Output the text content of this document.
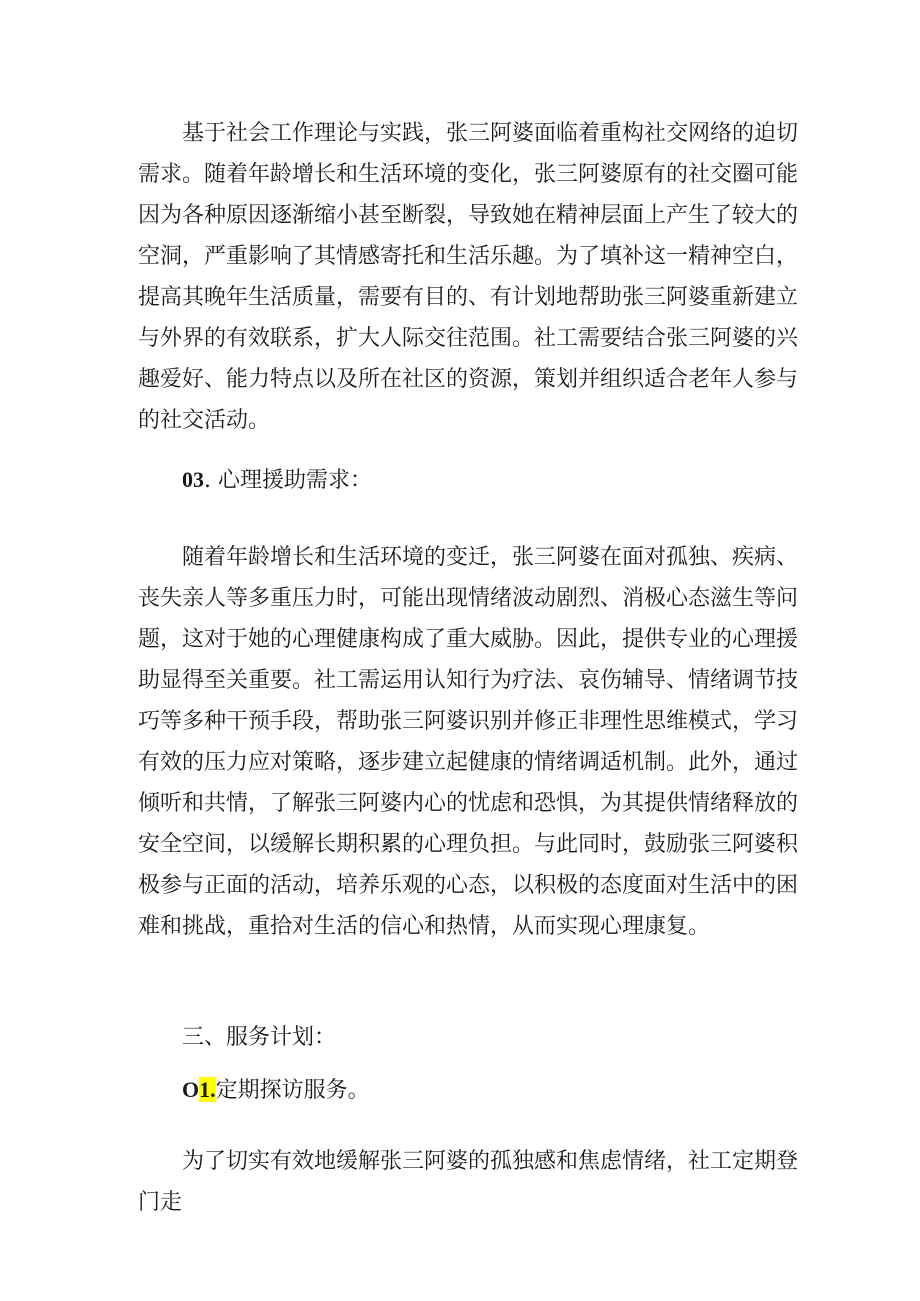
基于社会工作理论与实践，张三阿婆面临着重构社交网络的迫切需求。随着年龄增长和生活环境的变化，张三阿婆原有的社交圈可能因为各种原因逐渐缩小甚至断裂，导致她在精神层面上产生了较大的空洞，严重影响了其情感寄托和生活乐趣。为了填补这一精神空白，提高其晚年生活质量，需要有目的、有计划地帮助张三阿婆重新建立与外界的有效联系，扩大人际交往范围。社工需要结合张三阿婆的兴趣爱好、能力特点以及所在社区的资源，策划并组织适合老年人参与的社交活动。

03. 心理援助需求：

随着年龄增长和生活环境的变迁，张三阿婆在面对孤独、疾病、丧失亲人等多重压力时，可能出现情绪波动剧烈、消极心态滋生等问题，这对于她的心理健康构成了重大威胁。因此，提供专业的心理援助显得至关重要。社工需运用认知行为疗法、哀伤辅导、情绪调节技巧等多种干预手段，帮助张三阿婆识别并修正非理性思维模式，学习有效的压力应对策略，逐步建立起健康的情绪调适机制。此外，通过倾听和共情，了解张三阿婆内心的忧虑和恐惧，为其提供情绪释放的安全空间，以缓解长期积累的心理负担。与此同时，鼓励张三阿婆积极参与正面的活动，培养乐观的心态，以积极的态度面对生活中的困难和挑战，重拾对生活的信心和热情，从而实现心理康复。

三、服务计划：

O1.定期探访服务。

为了切实有效地缓解张三阿婆的孤独感和焦虑情绪，社工定期登门走
